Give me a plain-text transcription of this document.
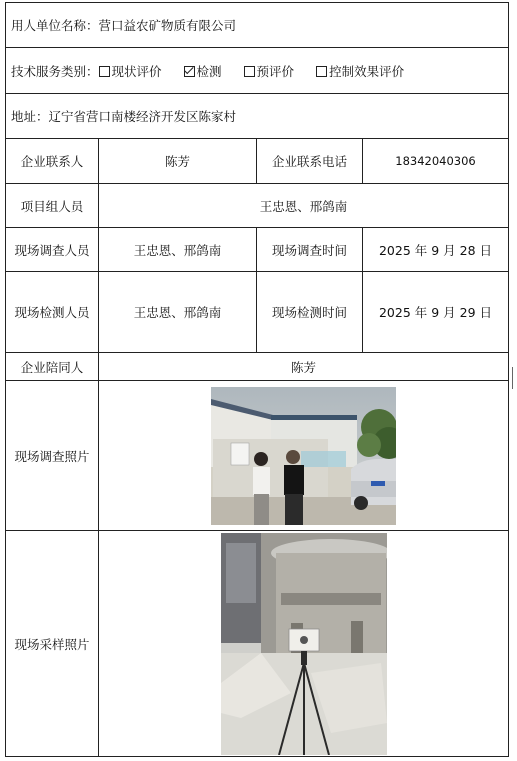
用人单位名称：营口益农矿物质有限公司			
技术服务类别： 现状评价 检测 预评价 控制效果评价			
地址：辽宁省营口南楼经济开发区陈家村			
企业联系人	陈芳	企业联系电话	18342040306
项目组人员	王忠恩、邢鸽南		
现场调查人员	王忠恩、邢鸽南	现场调查时间	2025 年 9 月 28 日
现场检测人员	王忠恩、邢鸽南	现场检测时间	2025 年 9 月 29 日
企业陪同人	陈芳		
现场调查照片	

现场采样照片	
